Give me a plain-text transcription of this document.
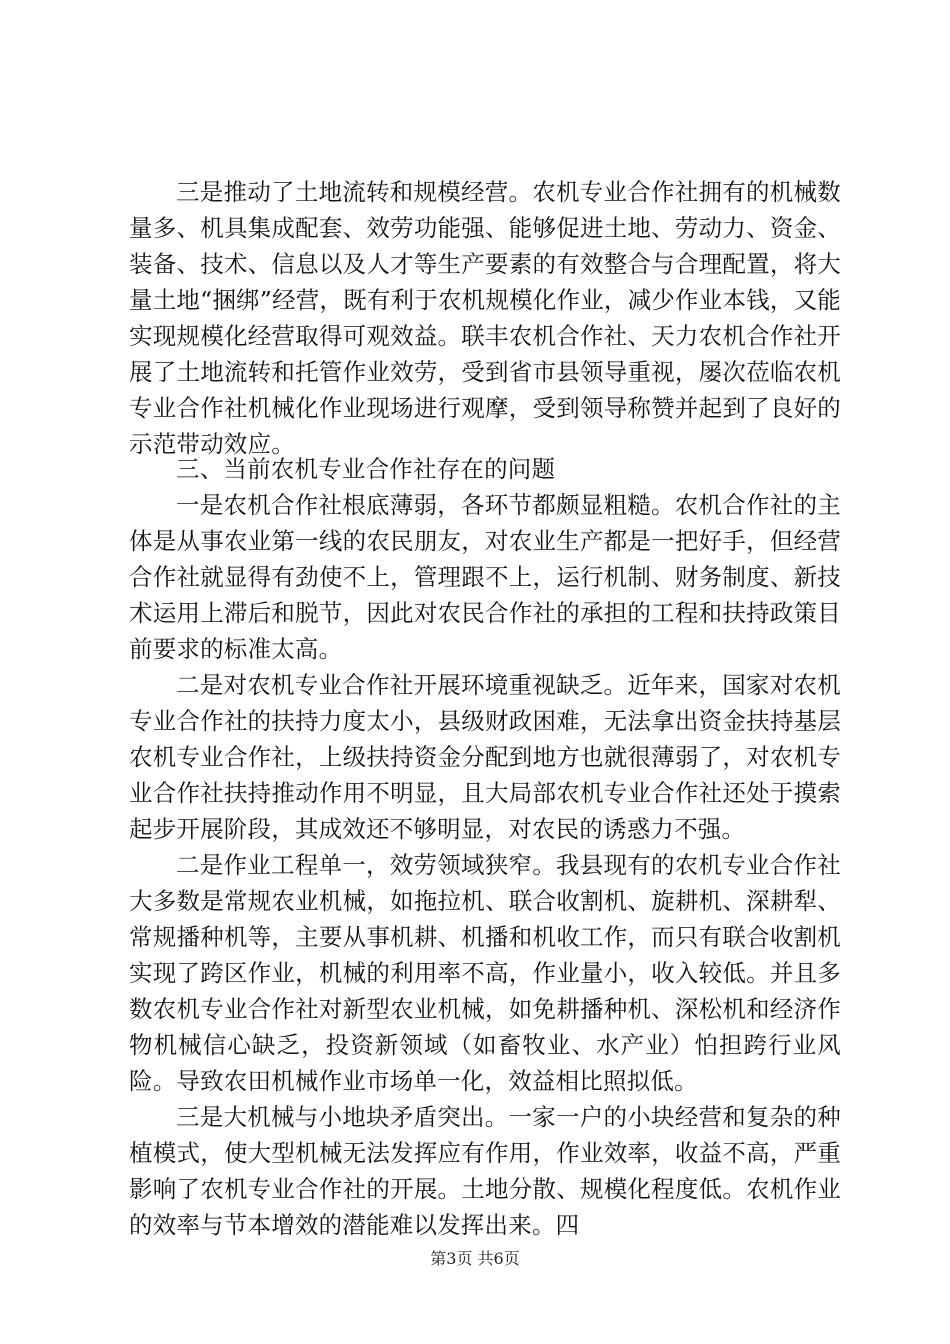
三是推动了土地流转和规模经营。农机专业合作社拥有的机械数量多、机具集成配套、效劳功能强、能够促进土地、劳动力、资金、装备、技术、信息以及人才等生产要素的有效整合与合理配置，将大量土地“捆绑”经营，既有利于农机规模化作业，减少作业本钱，又能实现规模化经营取得可观效益。联丰农机合作社、天力农机合作社开展了土地流转和托管作业效劳，受到省市县领导重视，屡次莅临农机专业合作社机械化作业现场进行观摩，受到领导称赞并起到了良好的示范带动效应。

三、当前农机专业合作社存在的问题

一是农机合作社根底薄弱，各环节都颇显粗糙。农机合作社的主体是从事农业第一线的农民朋友，对农业生产都是一把好手，但经营合作社就显得有劲使不上，管理跟不上，运行机制、财务制度、新技术运用上滞后和脱节，因此对农民合作社的承担的工程和扶持政策目前要求的标准太高。

二是对农机专业合作社开展环境重视缺乏。近年来，国家对农机专业合作社的扶持力度太小，县级财政困难，无法拿出资金扶持基层农机专业合作社，上级扶持资金分配到地方也就很薄弱了，对农机专业合作社扶持推动作用不明显，且大局部农机专业合作社还处于摸索起步开展阶段，其成效还不够明显，对农民的诱惑力不强。

二是作业工程单一，效劳领域狭窄。我县现有的农机专业合作社大多数是常规农业机械，如拖拉机、联合收割机、旋耕机、深耕犁、常规播种机等，主要从事机耕、机播和机收工作，而只有联合收割机实现了跨区作业，机械的利用率不高，作业量小，收入较低。并且多数农机专业合作社对新型农业机械，如免耕播种机、深松机和经济作物机械信心缺乏，投资新领域（如畜牧业、水产业）怕担跨行业风险。导致农田机械作业市场单一化，效益相比照拟低。

三是大机械与小地块矛盾突出。一家一户的小块经营和复杂的种植模式，使大型机械无法发挥应有作用，作业效率，收益不高，严重影响了农机专业合作社的开展。土地分散、规模化程度低。农机作业的效率与节本增效的潜能难以发挥出来。四

第3页 共6页
